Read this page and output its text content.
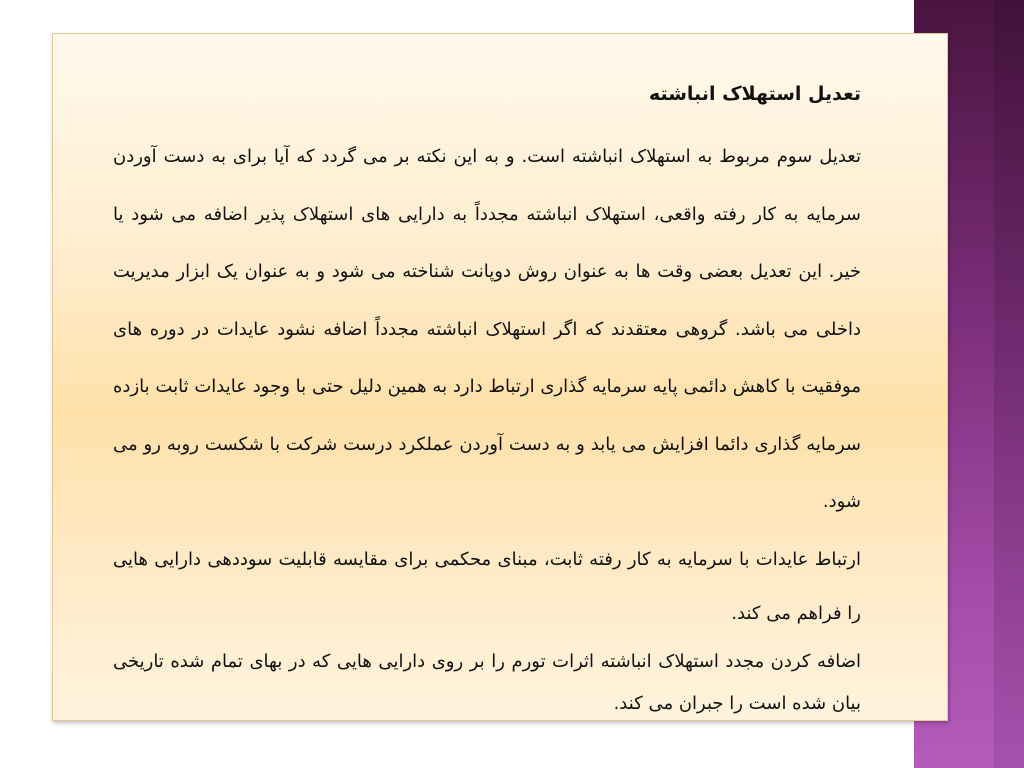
تعدیل استهلاک انباشته

تعدیل سوم مربوط به استهلاک انباشته است. و به این نکته بر می گردد که آیا برای به دست آوردن سرمایه به کار رفته واقعی، استهلاک انباشته مجدداً به دارایی های استهلاک پذیر اضافه می شود یا خیر. این تعدیل بعضی وقت ها به عنوان روش دوپانت شناخته می شود و به عنوان یک ابزار مدیریت داخلی می باشد. گروهی معتقدند که اگر استهلاک انباشته مجدداً اضافه نشود عایدات در دوره های موفقیت با کاهش دائمی پایه سرمایه گذاری ارتباط دارد به همین دلیل حتی با وجود عایدات ثابت بازده سرمایه گذاری دائما افزایش می یابد و به دست آوردن عملکرد درست شرکت با شکست روبه رو می شود.

ارتباط عایدات با سرمایه به کار رفته ثابت، مبنای محکمی برای مقایسه قابلیت سوددهی دارایی هایی را فراهم می کند.

اضافه کردن مجدد استهلاک انباشته اثرات تورم را بر روی دارایی هایی که در بهای تمام شده تاریخی بیان شده است را جبران می کند.
